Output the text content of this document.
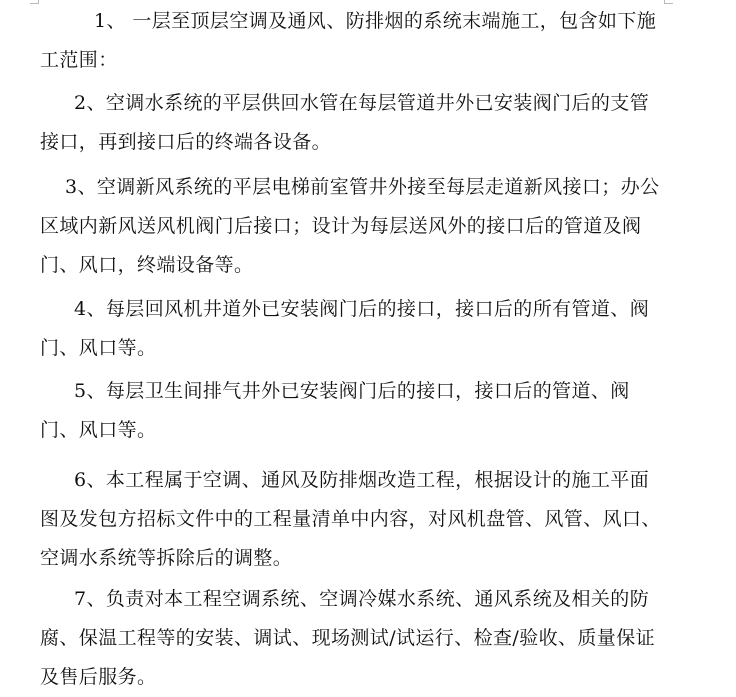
1、 一层至顶层空调及通风、防排烟的系统末端施工，包含如下施工范围：

2、空调水系统的平层供回水管在每层管道井外已安装阀门后的支管接口，再到接口后的终端各设备。

3、空调新风系统的平层电梯前室管井外接至每层走道新风接口；办公区域内新风送风机阀门后接口；设计为每层送风外的接口后的管道及阀门、风口，终端设备等。

4、每层回风机井道外已安装阀门后的接口，接口后的所有管道、阀门、风口等。

5、每层卫生间排气井外已安装阀门后的接口，接口后的管道、阀门、风口等。

6、本工程属于空调、通风及防排烟改造工程，根据设计的施工平面图及发包方招标文件中的工程量清单中内容，对风机盘管、风管、风口、空调水系统等拆除后的调整。

7、负责对本工程空调系统、空调冷媒水系统、通风系统及相关的防腐、保温工程等的安装、调试、现场测试/试运行、检查/验收、质量保证及售后服务。
